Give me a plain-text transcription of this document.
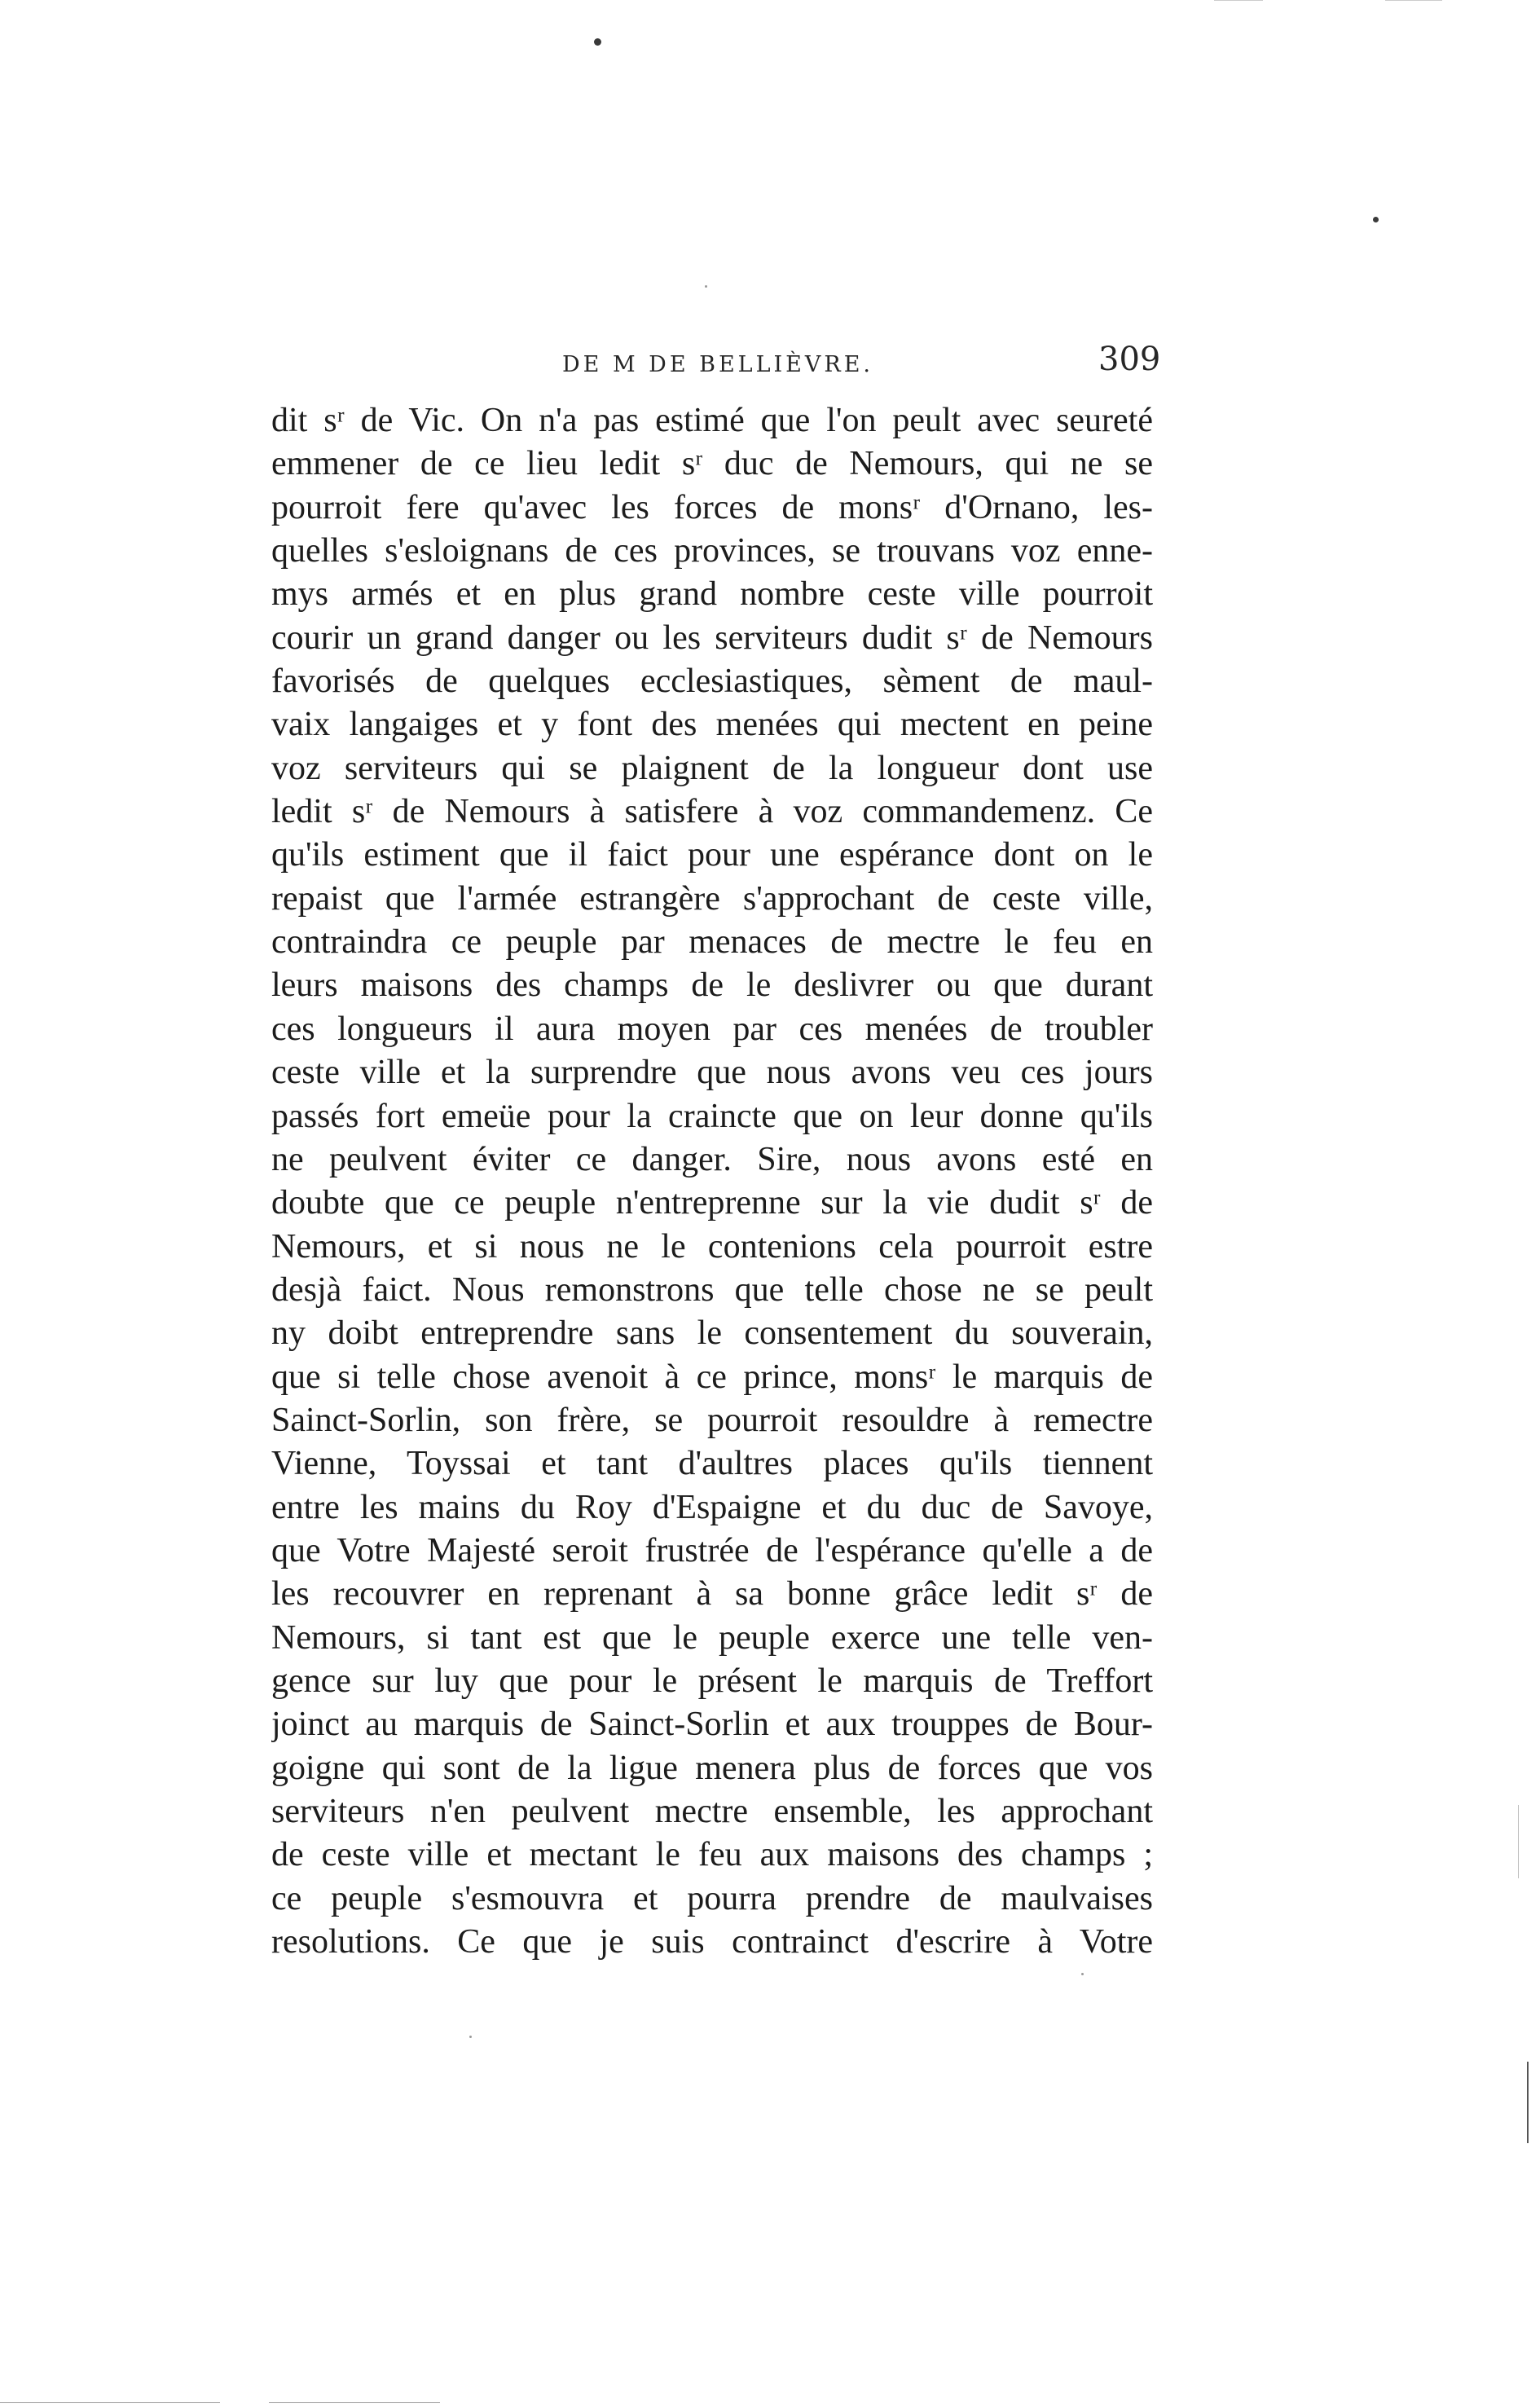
DE M DE BELLIÈVRE.	309
dit sʳ de Vic. On n'a pas estimé que l'on peult avec seureté
emmener de ce lieu ledit sʳ duc de Nemours, qui ne se
pourroit fere qu'avec les forces de monsʳ d'Ornano, les-
quelles s'esloignans de ces provinces, se trouvans voz enne-
mys armés et en plus grand nombre ceste ville pourroit
courir un grand danger ou les serviteurs dudit sʳ de Nemours
favorisés de quelques ecclesiastiques, sèment de maul-
vaix langaiges et y font des menées qui mectent en peine
voz serviteurs qui se plaignent de la longueur dont use
ledit sʳ de Nemours à satisfere à voz commandemenz. Ce
qu'ils estiment que il faict pour une espérance dont on le
repaist que l'armée estrangère s'approchant de ceste ville,
contraindra ce peuple par menaces de mectre le feu en
leurs maisons des champs de le deslivrer ou que durant
ces longueurs il aura moyen par ces menées de troubler
ceste ville et la surprendre que nous avons veu ces jours
passés fort emeüe pour la craincte que on leur donne qu'ils
ne peulvent éviter ce danger. Sire, nous avons esté en
doubte que ce peuple n'entreprenne sur la vie dudit sʳ de
Nemours, et si nous ne le contenions cela pourroit estre
desjà faict. Nous remonstrons que telle chose ne se peult
ny doibt entreprendre sans le consentement du souverain,
que si telle chose avenoit à ce prince, monsʳ le marquis de
Sainct-Sorlin, son frère, se pourroit resouldre à remectre
Vienne, Toyssai et tant d'aultres places qu'ils tiennent
entre les mains du Roy d'Espaigne et du duc de Savoye,
que Votre Majesté seroit frustrée de l'espérance qu'elle a de
les recouvrer en reprenant à sa bonne grâce ledit sʳ de
Nemours, si tant est que le peuple exerce une telle ven-
gence sur luy que pour le présent le marquis de Treffort
joinct au marquis de Sainct-Sorlin et aux trouppes de Bour-
goigne qui sont de la ligue menera plus de forces que vos
serviteurs n'en peulvent mectre ensemble, les approchant
de ceste ville et mectant le feu aux maisons des champs ;
ce peuple s'esmouvra et pourra prendre de maulvaises
resolutions. Ce que je suis contrainct d'escrire à Votre
